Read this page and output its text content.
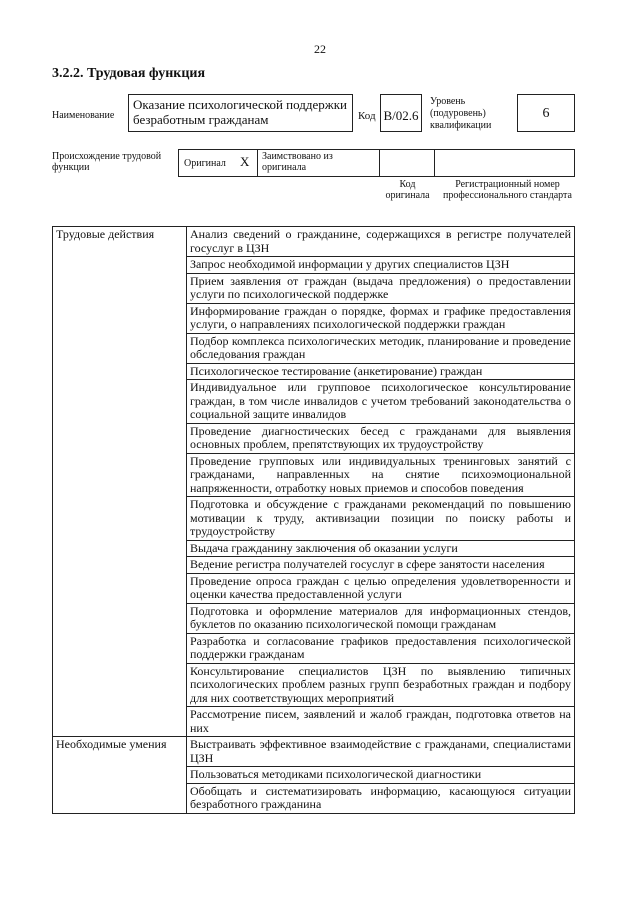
22
3.2.2. Трудовая функция
Наименование
Оказание психологической поддержки безработным гражданам	Код B/02.6
Уровень (подуровень) квалификации
6
Происхождение трудовой функции	Оригинал X Заимствовано из оригинала
Код оригинала
Регистрационный номер профессионального стандарта
Трудовые действия	Анализ сведений о гражданине, содержащихся в регистре получателей госуслуг в ЦЗН
	Запрос необходимой информации у других специалистов ЦЗН
	Прием заявления от граждан (выдача предложения) о предоставлении услуги по психологической поддержке
	Информирование граждан о порядке, формах и графике предоставления услуги, о направлениях психологической поддержки граждан
	Подбор комплекса психологических методик, планирование и проведение обследования граждан
	Психологическое тестирование (анкетирование) граждан
	Индивидуальное или групповое психологическое консультирование граждан, в том числе инвалидов с учетом требований законодательства о социальной защите инвалидов
	Проведение диагностических бесед с гражданами для выявления основных проблем, препятствующих их трудоустройству
	Проведение групповых или индивидуальных тренинговых занятий с гражданами, направленных на снятие психоэмоциональной напряженности, отработку новых приемов и способов поведения
	Подготовка и обсуждение с гражданами рекомендаций по повышению мотивации к труду, активизации позиции по поиску работы и трудоустройству
	Выдача гражданину заключения об оказании услуги
	Ведение регистра получателей госуслуг в сфере занятости населения
	Проведение опроса граждан с целью определения удовлетворенности и оценки качества предоставленной услуги
	Подготовка и оформление материалов для информационных стендов, буклетов по оказанию психологической помощи гражданам
	Разработка и согласование графиков предоставления психологической поддержки гражданам
	Консультирование специалистов ЦЗН по выявлению типичных психологических проблем разных групп безработных граждан и подбору для них соответствующих мероприятий
	Рассмотрение писем, заявлений и жалоб граждан, подготовка ответов на них
Необходимые умения	Выстраивать эффективное взаимодействие с гражданами, специалистами ЦЗН
	Пользоваться методиками психологической диагностики
	Обобщать и систематизировать информацию, касающуюся ситуации безработного гражданина
